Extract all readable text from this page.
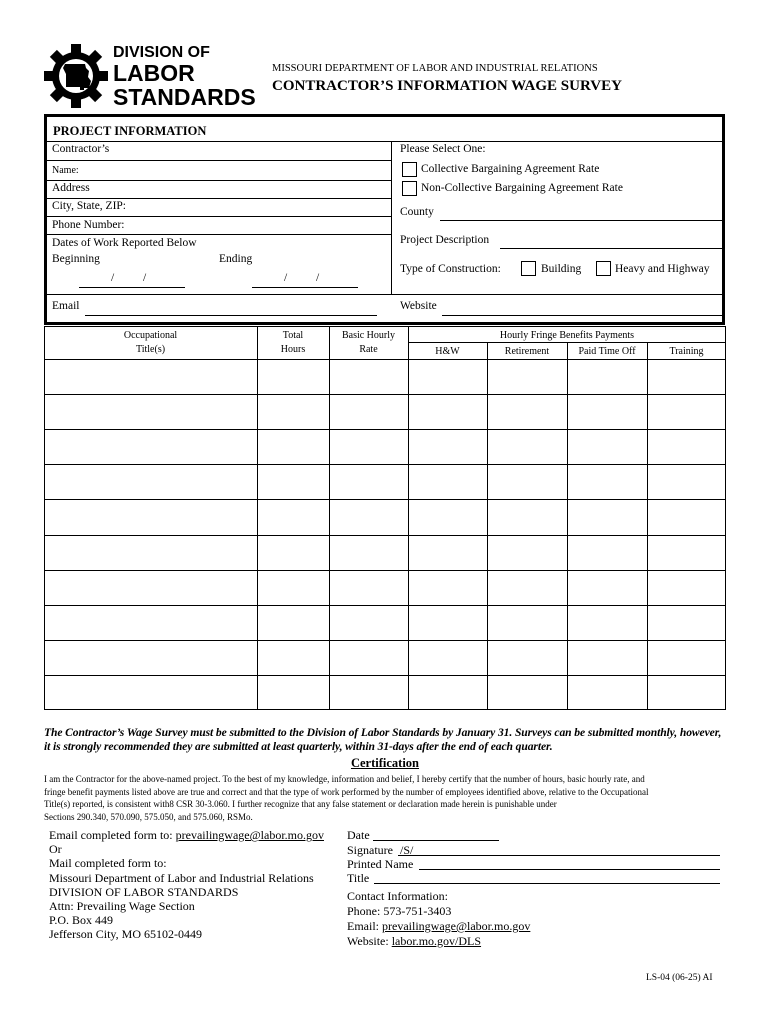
DIVISION OF
LABOR
STANDARDS
MISSOURI DEPARTMENT OF LABOR AND INDUSTRIAL RELATIONS
CONTRACTOR’S INFORMATION WAGE SURVEY
PROJECT INFORMATION
Contractor’s
Name:
Address
City, State, ZIP:
Phone Number:
Dates of Work Reported Below
Beginning	Ending
/          /	/          /
Email
Please Select One:
Collective Bargaining Agreement Rate
Non-Collective Bargaining Agreement Rate
County
Project Description
Type of Construction:	Building	Heavy and Highway
Website
Occupational
Title(s)
Total
Hours
Basic Hourly
Rate
Hourly Fringe Benefits Payments
H&W	Retirement	Paid Time Off	Training
The Contractor’s Wage Survey must be submitted to the Division of Labor Standards by January 31. Surveys can be submitted monthly, however, it is strongly recommended they are submitted at least quarterly, within 31-days after the end of each quarter.
Certification
I am the Contractor for the above-named project. To the best of my knowledge, information and belief, I hereby certify that the number of hours, basic hourly rate, and
fringe benefit payments listed above are true and correct and that the type of work performed by the number of employees identified above, relative to the Occupational
Title(s) reported, is consistent with8 CSR 30-3.060. I further recognize that any false statement or declaration made herein is punishable under
Sections 290.340, 570.090, 575.050, and 575.060, RSMo.
Email completed form to: prevailingwage@labor.mo.gov
Or
Mail completed form to:
Missouri Department of Labor and Industrial Relations
DIVISION OF LABOR STANDARDS
Attn: Prevailing Wage Section
P.O. Box 449
Jefferson City, MO 65102-0449
Date
Signature /S/
Printed Name
Title
Contact Information:
Phone: 573-751-3403
Email: prevailingwage@labor.mo.gov
Website: labor.mo.gov/DLS
LS-04 (06-25) AI
